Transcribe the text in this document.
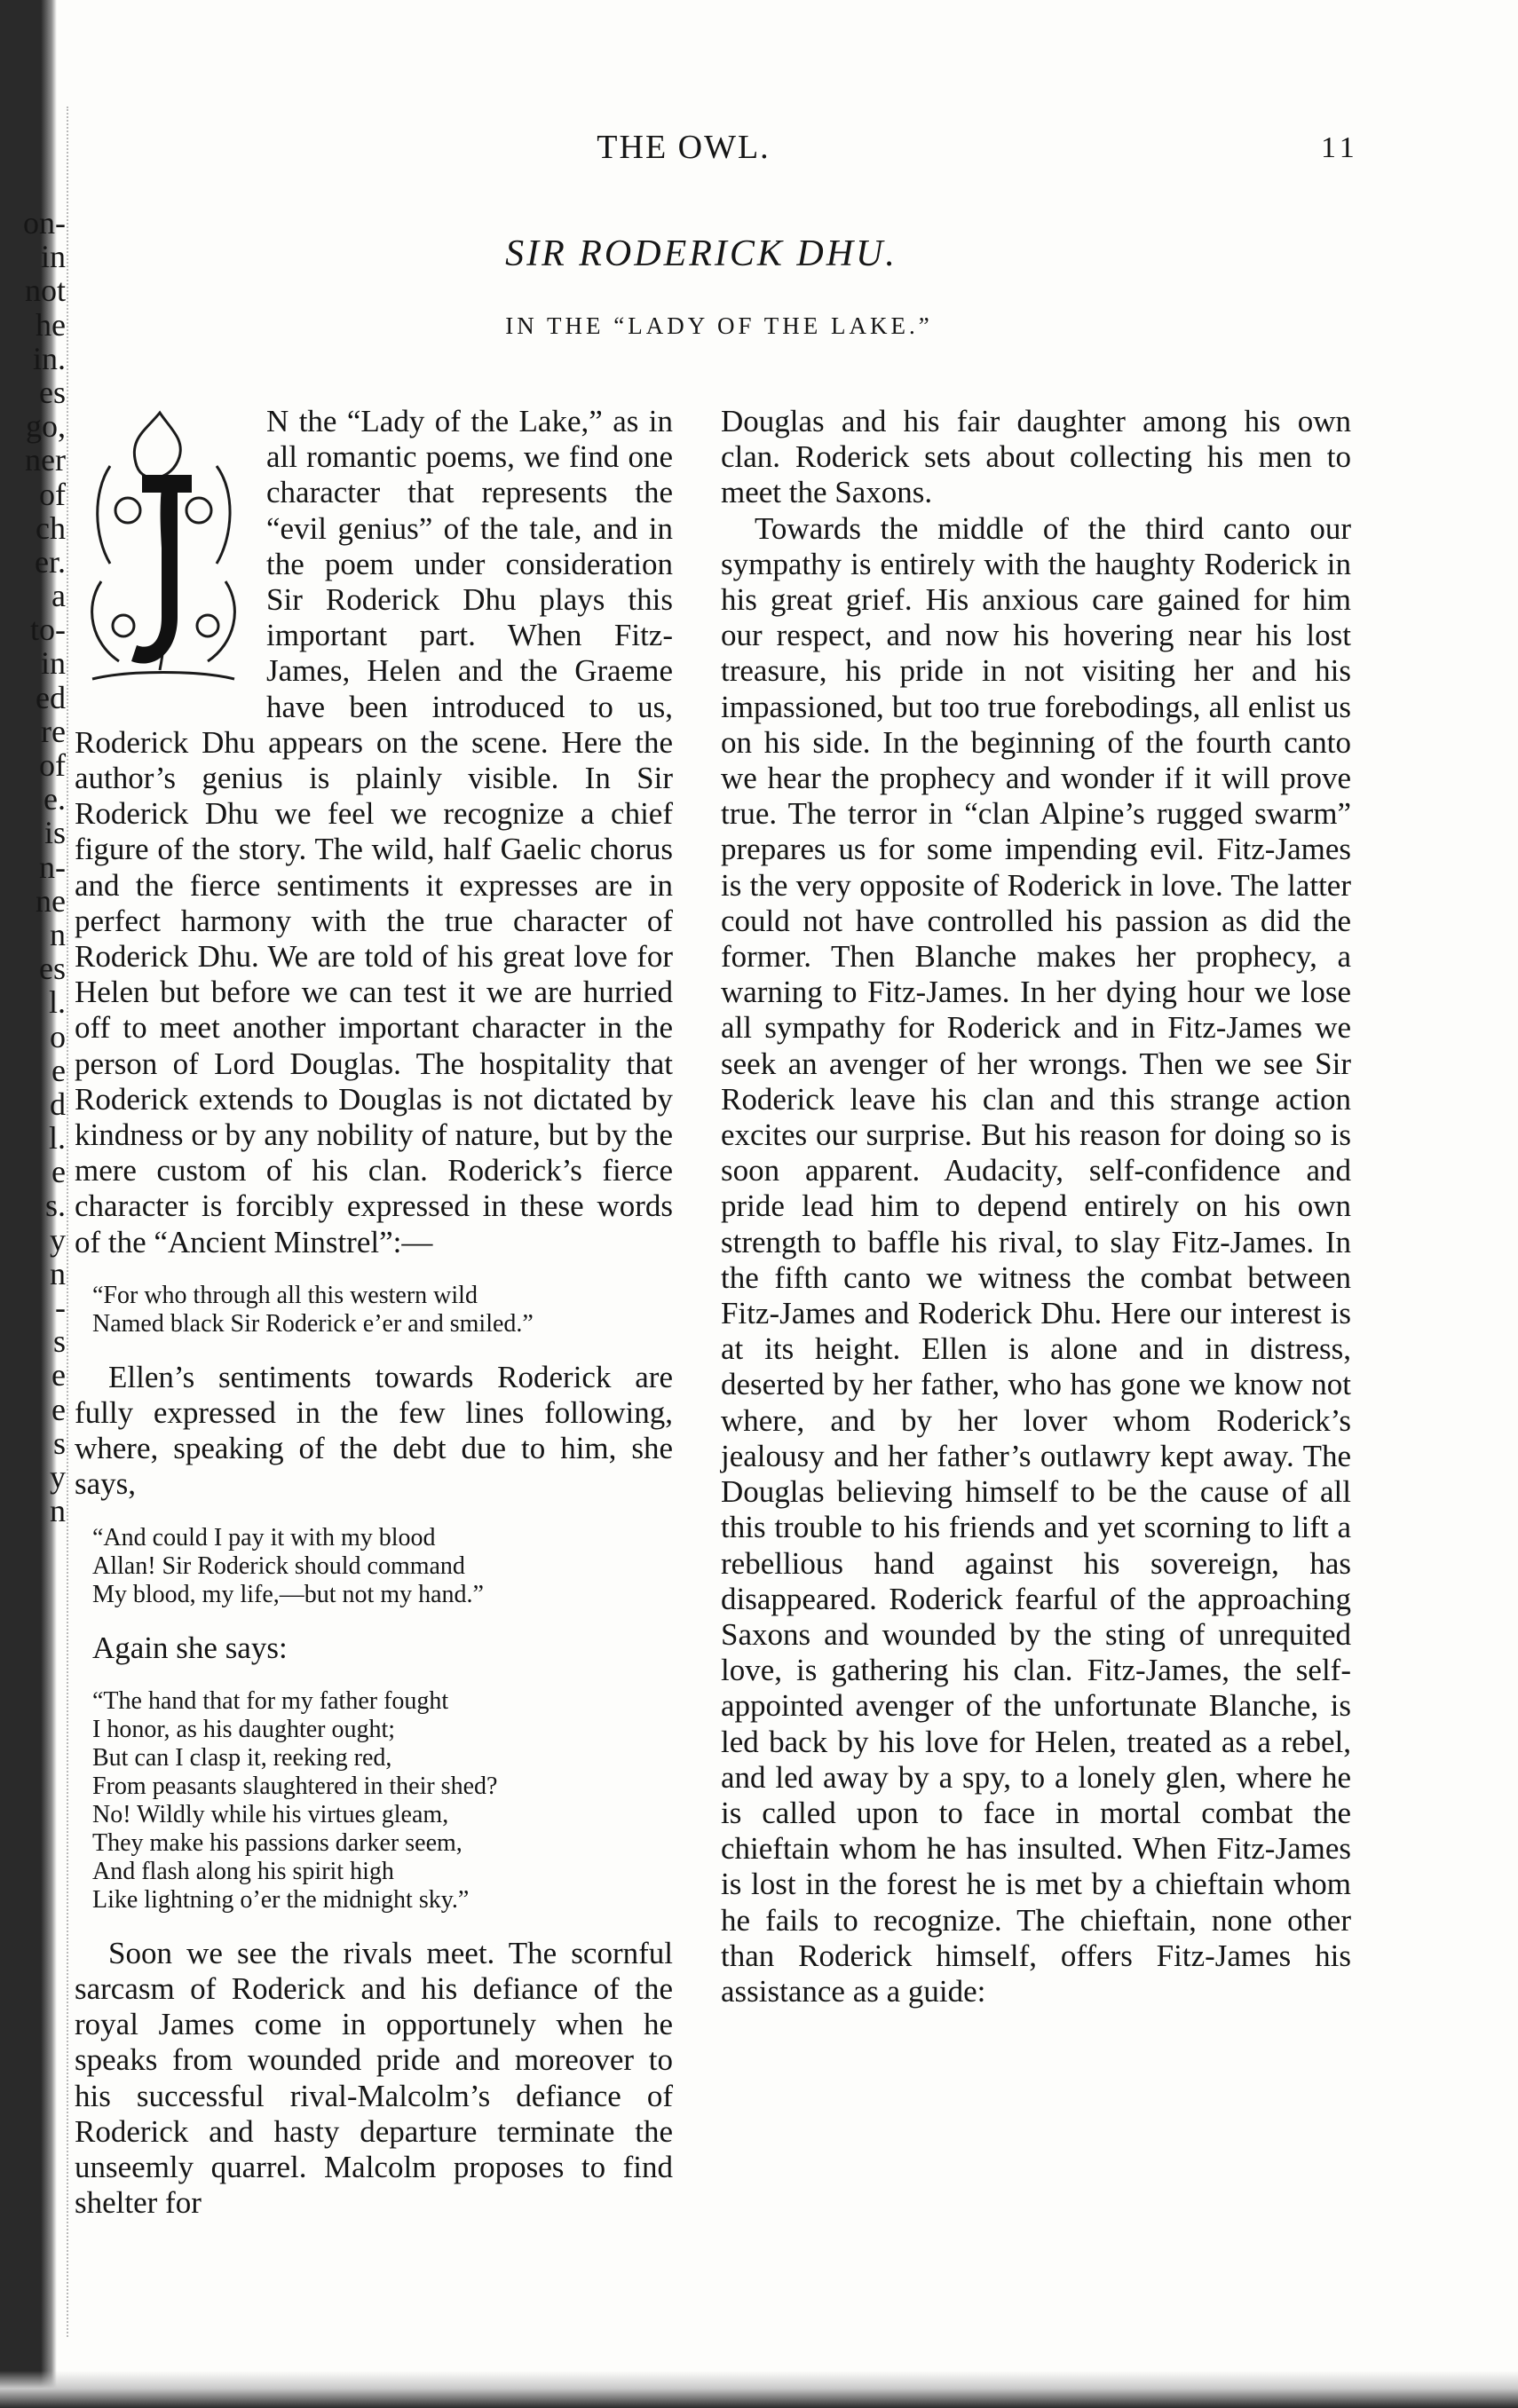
on-
in
not
he
in.
es
go,
ner
of
ch
er.
a
to-
in
ed
re
of
e.
is
n-
ne
n
es
l.
o
e
d
l.
e
s.
y
n
-
s
e
e
s
y
n
THE OWL.	11
SIR RODERICK DHU.
IN THE “LADY OF THE LAKE.”

N the “Lady of the Lake,” as in all romantic poems, we find one character that represents the “evil genius” of the tale, and in the poem under consideration Sir Roderick Dhu plays this important part. When Fitz-James, Helen and the Graeme have been introduced to us, Roderick Dhu appears on the scene. Here the author’s genius is plainly visible. In Sir Roderick Dhu we feel we recognize a chief figure of the story. The wild, half Gaelic chorus and the fierce sentiments it expresses are in perfect harmony with the true character of Roderick Dhu. We are told of his great love for Helen but before we can test it we are hurried off to meet another important character in the person of Lord Douglas. The hospitality that Roderick extends to Douglas is not dictated by kindness or by any nobility of nature, but by the mere custom of his clan. Roderick’s fierce character is forcibly expressed in these words of the “Ancient Minstrel”:—

“For who through all this western wild
Named black Sir Roderick e’er and smiled.”

Ellen’s sentiments towards Roderick are fully expressed in the few lines following, where, speaking of the debt due to him, she says,

“And could I pay it with my blood
Allan! Sir Roderick should command
My blood, my life,—but not my hand.”
Again she says:
“The hand that for my father fought
I honor, as his daughter ought;
But can I clasp it, reeking red,
From peasants slaughtered in their shed?
No! Wildly while his virtues gleam,
They make his passions darker seem,
And flash along his spirit high
Like lightning o’er the midnight sky.”

Soon we see the rivals meet. The scornful sarcasm of Roderick and his defiance of the royal James come in opportunely when he speaks from wounded pride and moreover to his successful rival-Malcolm’s defiance of Roderick and hasty departure terminate the unseemly quarrel. Malcolm proposes to find shelter for

Douglas and his fair daughter among his own clan. Roderick sets about collecting his men to meet the Saxons.

Towards the middle of the third canto our sympathy is entirely with the haughty Roderick in his great grief. His anxious care gained for him our respect, and now his hovering near his lost treasure, his pride in not visiting her and his impassioned, but too true forebodings, all enlist us on his side. In the beginning of the fourth canto we hear the prophecy and wonder if it will prove true. The terror in “clan Alpine’s rugged swarm” prepares us for some impending evil. Fitz-James is the very opposite of Roderick in love. The latter could not have controlled his passion as did the former. Then Blanche makes her prophecy, a warning to Fitz-James. In her dying hour we lose all sympathy for Roderick and in Fitz-James we seek an avenger of her wrongs. Then we see Sir Roderick leave his clan and this strange action excites our surprise. But his reason for doing so is soon apparent. Audacity, self-confidence and pride lead him to depend entirely on his own strength to baffle his rival, to slay Fitz-James. In the fifth canto we witness the combat between Fitz-James and Roderick Dhu. Here our interest is at its height. Ellen is alone and in distress, deserted by her father, who has gone we know not where, and by her lover whom Roderick’s jealousy and her father’s outlawry kept away. The Douglas believing himself to be the cause of all this trouble to his friends and yet scorning to lift a rebellious hand against his sovereign, has disappeared. Roderick fearful of the approaching Saxons and wounded by the sting of unrequited love, is gathering his clan. Fitz-James, the self-appointed avenger of the unfortunate Blanche, is led back by his love for Helen, treated as a rebel, and led away by a spy, to a lonely glen, where he is called upon to face in mortal combat the chieftain whom he has insulted. When Fitz-James is lost in the forest he is met by a chieftain whom he fails to recognize. The chieftain, none other than Roderick himself, offers Fitz-James his assistance as a guide:
